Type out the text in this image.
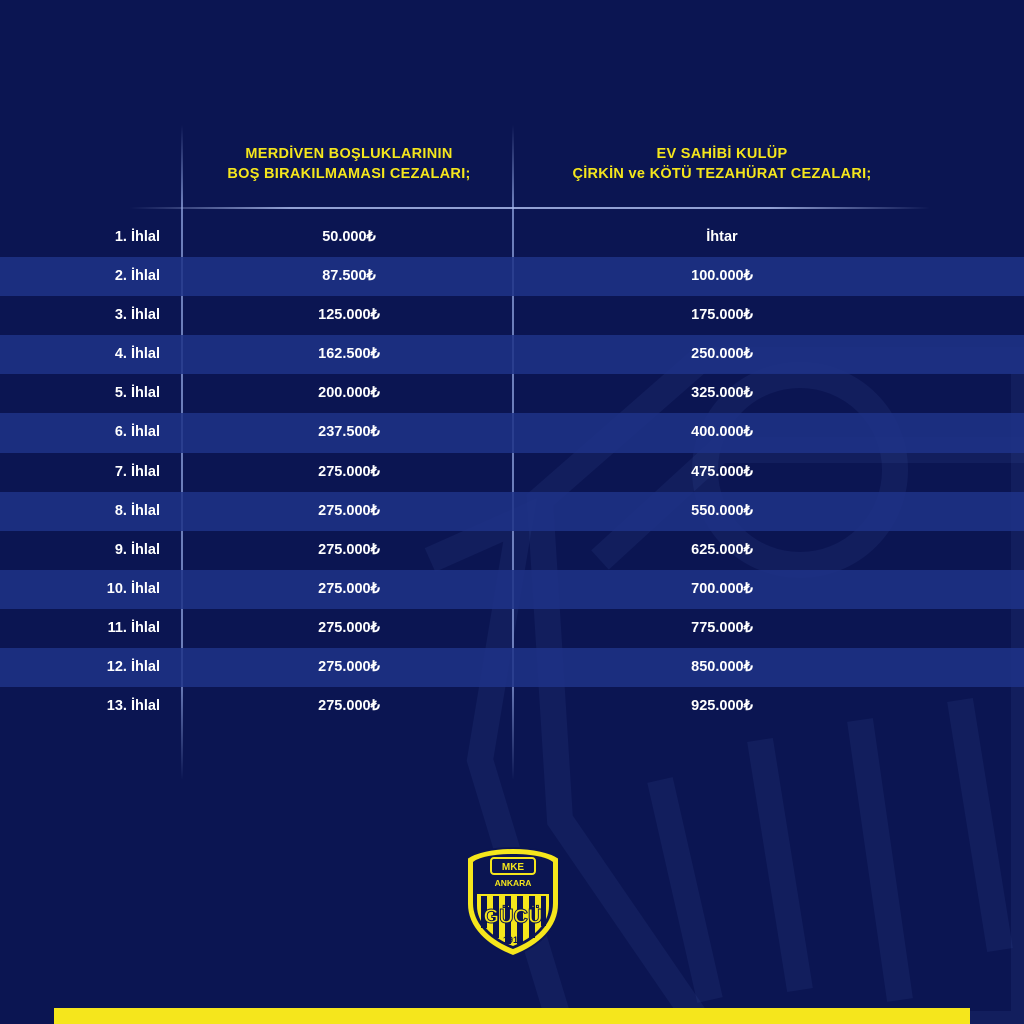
MERDİVEN BOŞLUKLARININ
BOŞ BIRAKILMAMASI CEZALARI;
EV SAHİBİ KULÜP
ÇİRKİN ve KÖTÜ TEZAHÜRAT CEZALARI;
1. İhlal	50.000₺	İhtar
2. İhlal	87.500₺	100.000₺
3. İhlal	125.000₺	175.000₺
4. İhlal	162.500₺	250.000₺
5. İhlal	200.000₺	325.000₺
6. İhlal	237.500₺	400.000₺
7. İhlal	275.000₺	475.000₺
8. İhlal	275.000₺	550.000₺
9. İhlal	275.000₺	625.000₺
10. İhlal	275.000₺	700.000₺
11. İhlal	275.000₺	775.000₺
12. İhlal	275.000₺	850.000₺
13. İhlal	275.000₺	925.000₺
MKE
ANKARA
GÜCÜ
1910
